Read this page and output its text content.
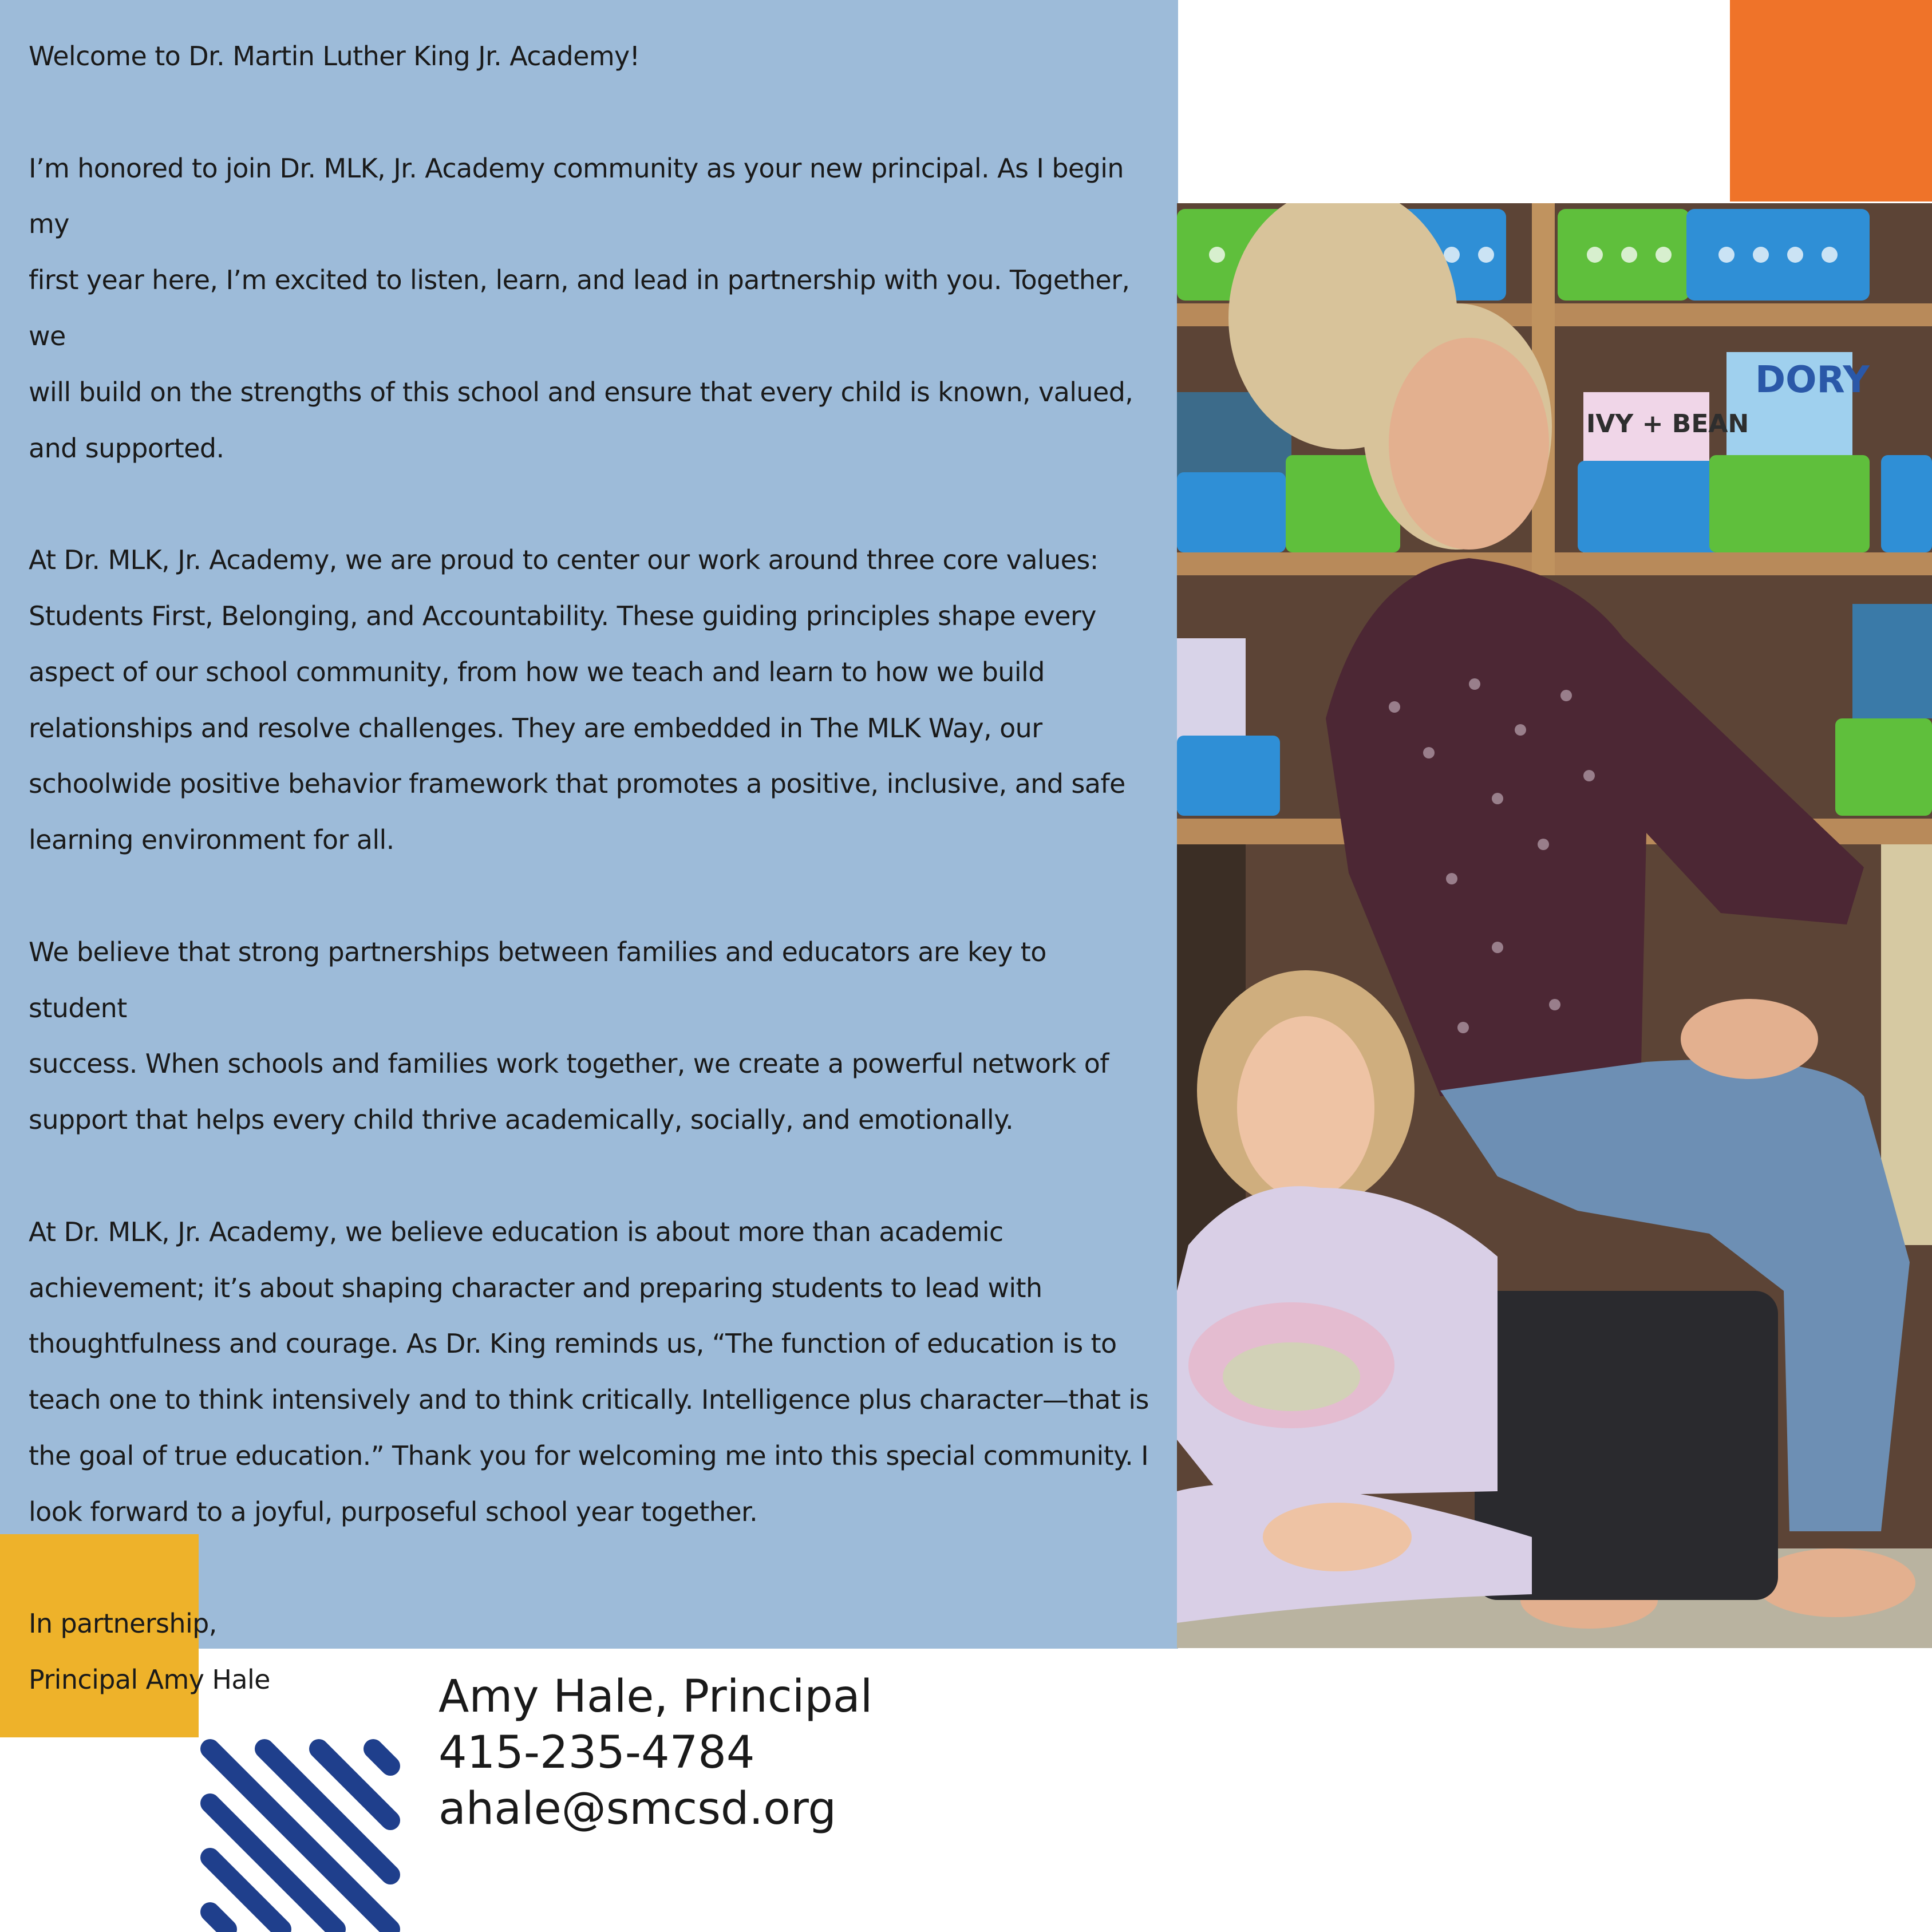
Welcome to Dr. Martin Luther King Jr. Academy!

I’m honored to join Dr. MLK, Jr. Academy community as your new principal. As I begin my
first year here, I’m excited to listen, learn, and lead in partnership with you. Together, we
will build on the strengths of this school and ensure that every child is known, valued,
and supported.

At Dr. MLK, Jr. Academy, we are proud to center our work around three core values:
Students First, Belonging, and Accountability. These guiding principles shape every
aspect of our school community, from how we teach and learn to how we build
relationships and resolve challenges. They are embedded in The MLK Way, our
schoolwide positive behavior framework that promotes a positive, inclusive, and safe
learning environment for all.

We believe that strong partnerships between families and educators are key to student
success. When schools and families work together, we create a powerful network of
support that helps every child thrive academically, socially, and emotionally.

At Dr. MLK, Jr. Academy, we believe education is about more than academic
achievement; it’s about shaping character and preparing students to lead with
thoughtfulness and courage. As Dr. King reminds us, “The function of education is to
teach one to think intensively and to think critically. Intelligence plus character—that is
the goal of true education.” Thank you for welcoming me into this special community. I
look forward to a joyful, purposeful school year together.

In partnership,

Principal Amy Hale

DORY
IVY + BEAN
Amy Hale, Principal
415-235-4784
ahale@smcsd.org
